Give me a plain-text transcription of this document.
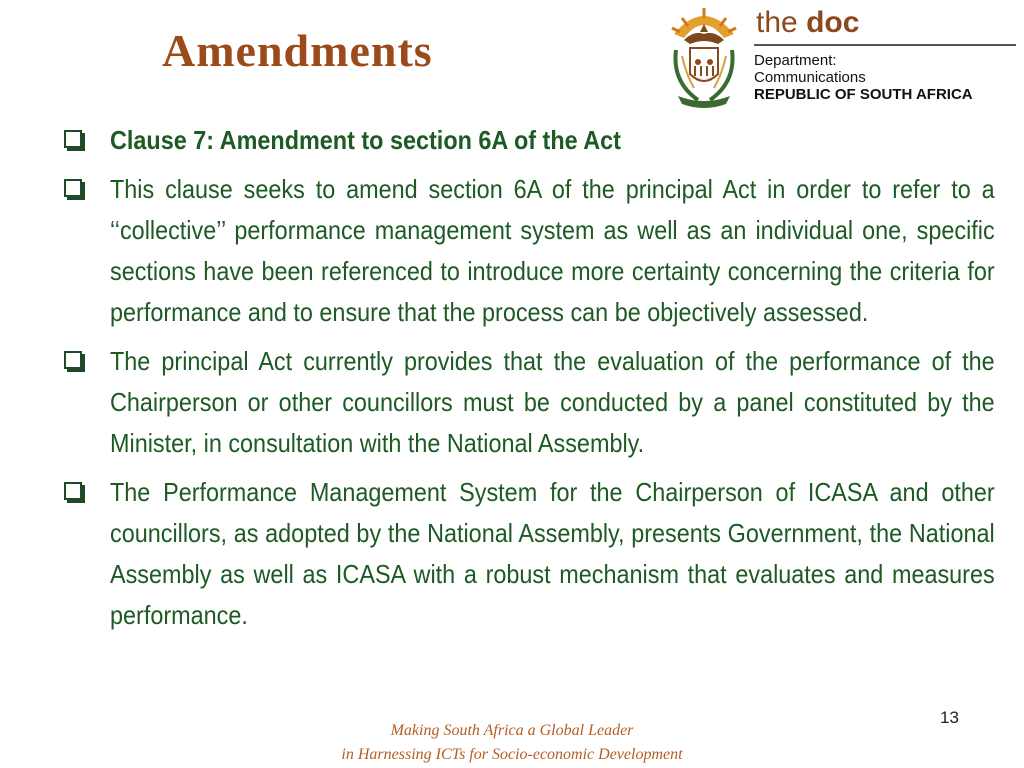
Amendments
the doc
Department:
Communications
REPUBLIC OF SOUTH AFRICA
Clause 7: Amendment to section 6A of the Act
This clause seeks to amend section 6A of the principal Act in order to refer to a ‘‘collective’’ performance management system as well as an individual one, specific sections have been referenced to introduce more certainty concerning the criteria for performance and to ensure that the process can be objectively assessed.
The principal Act currently provides that the evaluation of the performance of the Chairperson or other councillors must be conducted by a panel constituted by the Minister, in consultation with the National Assembly.
The Performance Management System for the Chairperson of ICASA and other councillors, as adopted by the National Assembly, presents Government, the National Assembly as well as ICASA with a robust mechanism that evaluates and measures performance.
13
Making South Africa a Global Leader
in Harnessing ICTs for Socio-economic Development
